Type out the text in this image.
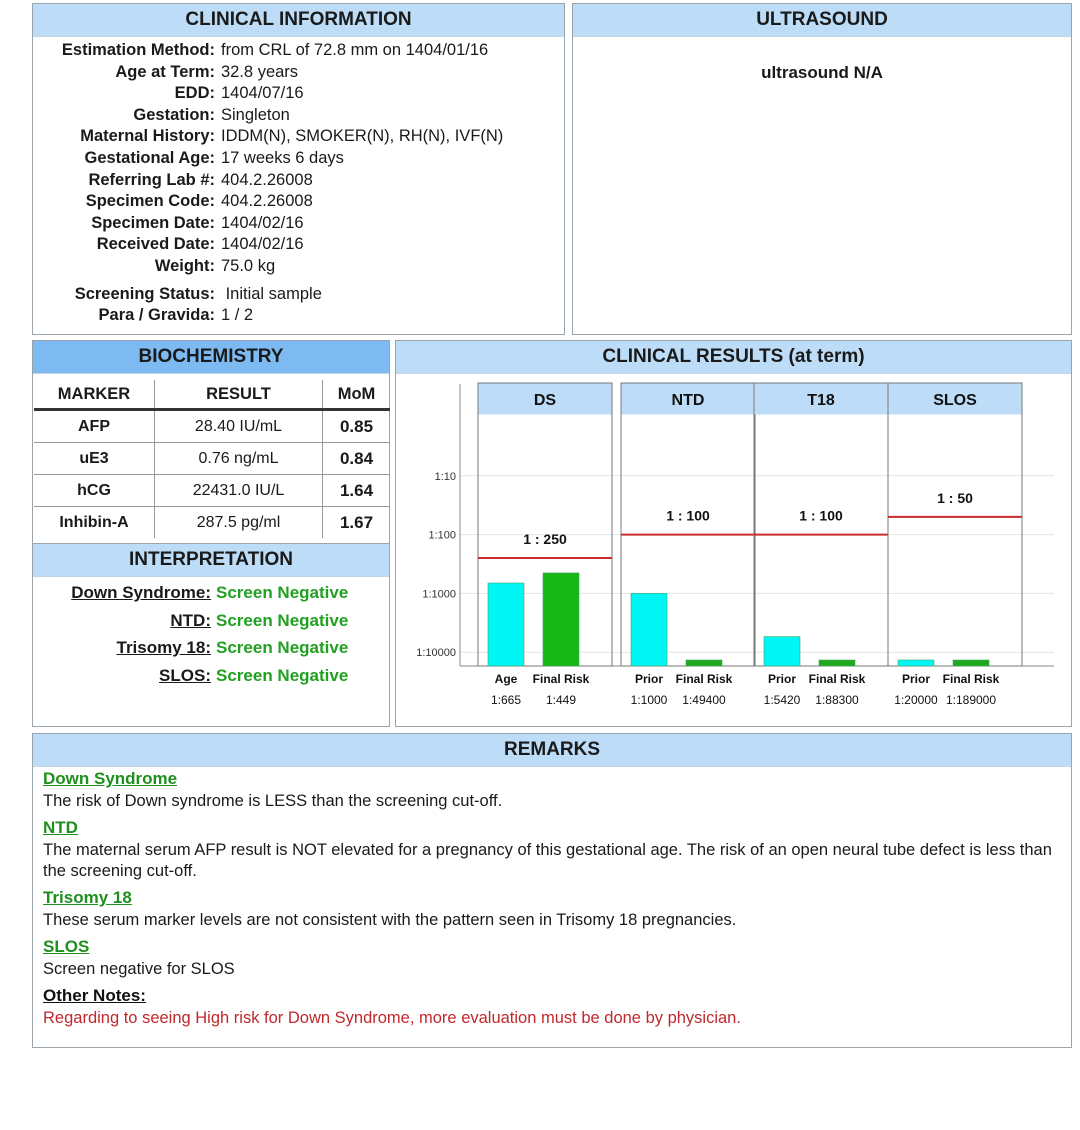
CLINICAL INFORMATION
Estimation Method: from CRL of 72.8 mm on 1404/01/16
Age at Term: 32.8 years
EDD: 1404/07/16
Gestation: Singleton
Maternal History: IDDM(N), SMOKER(N), RH(N), IVF(N)
Gestational Age: 17 weeks 6 days
Referring Lab #: 404.2.26008
Specimen Code: 404.2.26008
Specimen Date: 1404/02/16
Received Date: 1404/02/16
Weight: 75.0 kg
Screening Status: Initial sample
Para / Gravida: 1 / 2
ULTRASOUND
ultrasound N/A
BIOCHEMISTRY
MARKER	RESULT	MoM
AFP	28.40 IU/mL	0.85
uE3	0.76 ng/mL	0.84
hCG	22431.0 IU/L	1.64
Inhibin-A	287.5 pg/ml	1.67
INTERPRETATION
Down Syndrome: Screen Negative
NTD: Screen Negative
Trisomy 18: Screen Negative
SLOS: Screen Negative
CLINICAL RESULTS (at term)
1:10
1:100
1:1000
1:10000
DS
Age
1:665
Final Risk
1:449
1 : 250
NTD
Prior
1:1000
Final Risk
1:49400
1 : 100
T18
Prior
1:5420
Final Risk
1:88300
1 : 100
SLOS
Prior
1:20000
Final Risk
1:189000
1 : 50
REMARKS
Down Syndrome
The risk of Down syndrome is LESS than the screening cut-off.
NTD
The maternal serum AFP result is NOT elevated for a pregnancy of this gestational age. The risk of an open neural tube defect is less than the screening cut-off.
Trisomy 18
These serum marker levels are not consistent with the pattern seen in Trisomy 18 pregnancies.
SLOS
Screen negative for SLOS
Other Notes:
Regarding to seeing High risk for Down Syndrome, more evaluation must be done by physician.
